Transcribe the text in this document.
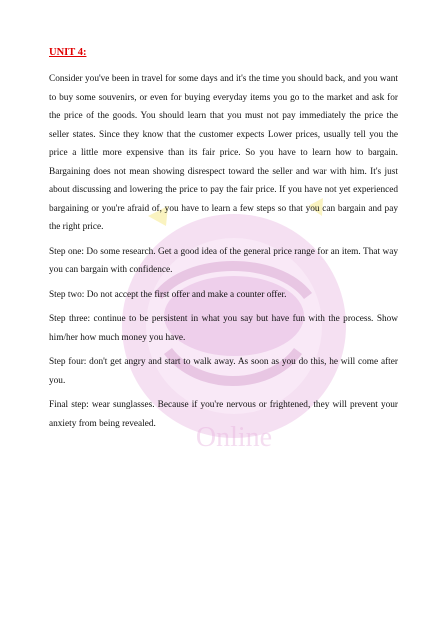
Online
UNIT 4:

Consider you've been in travel for some days and it's the time you should back, and you want to buy some souvenirs, or even for buying everyday items you go to the market and ask for the price of the goods. You should learn that you must not pay immediately the price the seller states. Since they know that the customer expects Lower prices, usually tell you the price a little more expensive than its fair price. So you have to learn how to bargain. Bargaining does not mean showing disrespect toward the seller and war with him. It's just about discussing and lowering the price to pay the fair price. If you have not yet experienced bargaining or you're afraid of, you have to learn a few steps so that you can bargain and pay the right price.

Step one: Do some research. Get a good idea of the general price range for an item. That way you can bargain with confidence.

Step two: Do not accept the first offer and make a counter offer.

Step three: continue to be persistent in what you say but have fun with the process. Show him/her how much money you have.

Step four: don't get angry and start to walk away. As soon as you do this, he will come after you.

Final step: wear sunglasses. Because if you're nervous or frightened, they will prevent your anxiety from being revealed.
